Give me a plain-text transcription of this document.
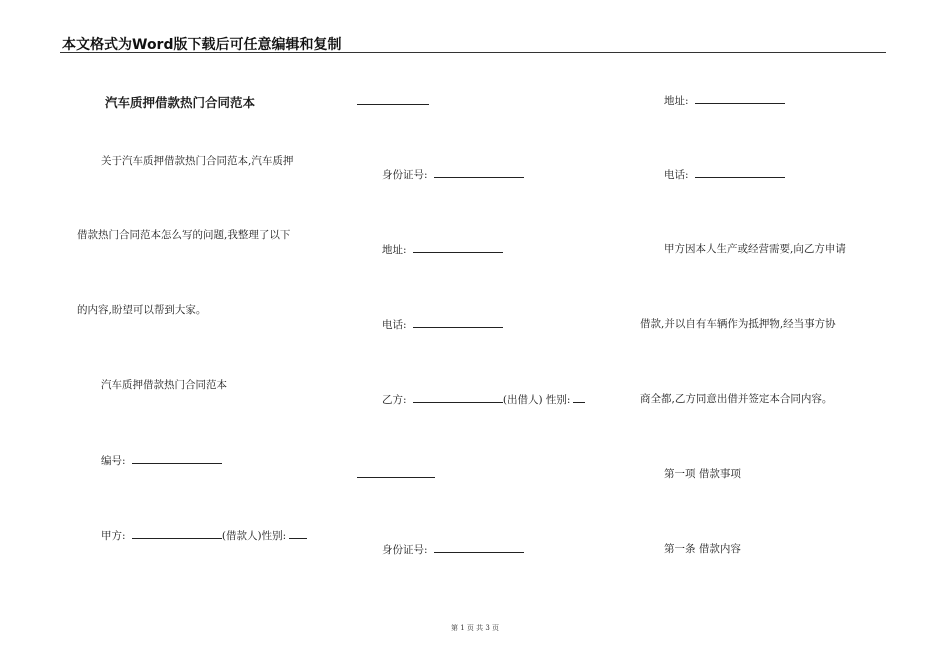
本文格式为Word版下载后可任意编辑和复制
汽车质押借款热门合同范本
关于汽车质押借款热门合同范本,汽车质押
借款热门合同范本怎么写的问题,我整理了以下
的内容,盼望可以帮到大家。
汽车质押借款热门合同范本
编号:
甲方:	(借款人)性别:
身份证号:
地址:
电话:
乙方:	(出借人) 性别:
身份证号:
地址:
电话:
甲方因本人生产或经营需要,向乙方申请
借款,并以自有车辆作为抵押物,经当事方协
商全都,乙方同意出借并签定本合同内容。
第一项 借款事项
第一条 借款内容
第 1 页 共 3 页
